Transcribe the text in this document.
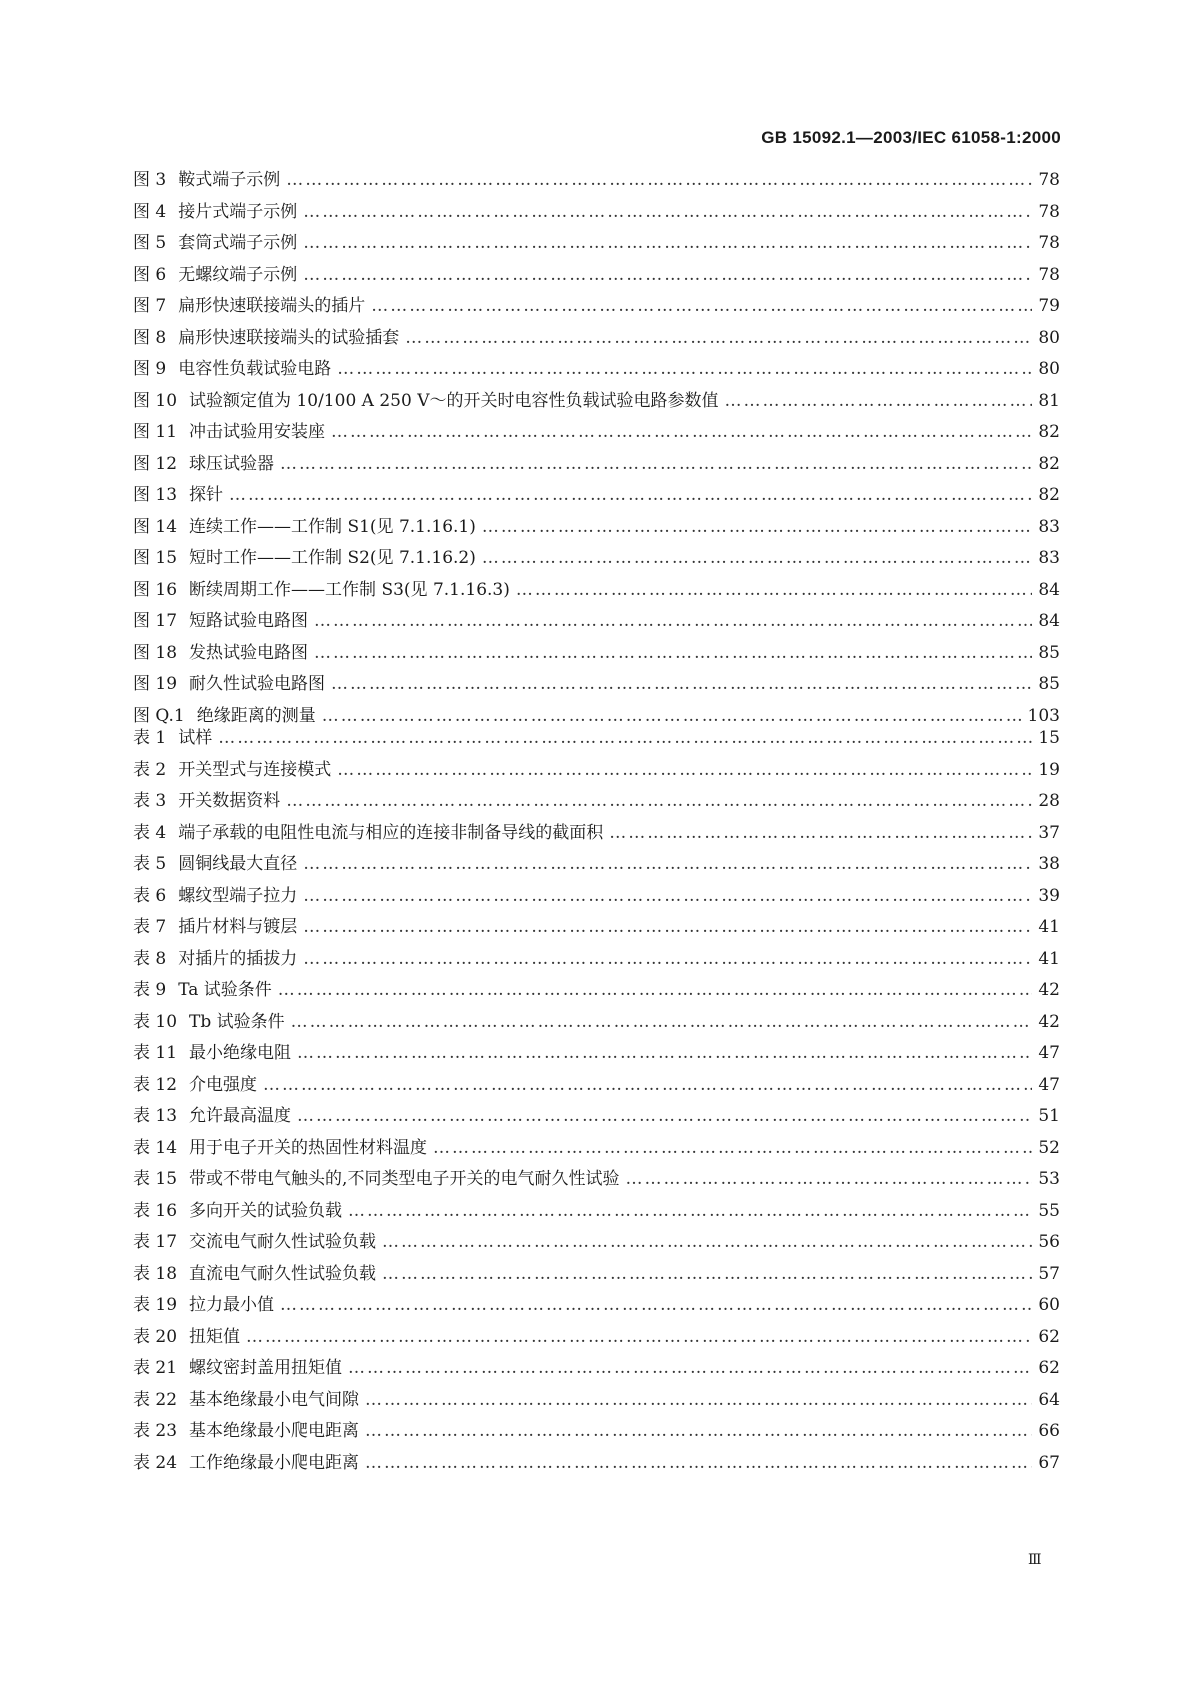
GB 15092.1—2003/IEC 61058-1:2000
图 3 鞍式端子示例 …………………………………………………………………………………………………………………………………………………………………………………………	78
图 4 接片式端子示例 …………………………………………………………………………………………………………………………………………………………………………………………	78
图 5 套筒式端子示例 …………………………………………………………………………………………………………………………………………………………………………………………	78
图 6 无螺纹端子示例 …………………………………………………………………………………………………………………………………………………………………………………………	78
图 7 扁形快速联接端头的插片 …………………………………………………………………………………………………………………………………………………………………………………………	79
图 8 扁形快速联接端头的试验插套 …………………………………………………………………………………………………………………………………………………………………………………………	80
图 9 电容性负载试验电路 …………………………………………………………………………………………………………………………………………………………………………………………	80
图 10 试验额定值为 10/100 A 250 V～的开关时电容性负载试验电路参数值 …………………………………………………………………………………………………………………………………………………………………………………………	81
图 11 冲击试验用安装座 …………………………………………………………………………………………………………………………………………………………………………………………	82
图 12 球压试验器 …………………………………………………………………………………………………………………………………………………………………………………………	82
图 13 探针 …………………………………………………………………………………………………………………………………………………………………………………………	82
图 14 连续工作——工作制 S1(见 7.1.16.1) …………………………………………………………………………………………………………………………………………………………………………………………	83
图 15 短时工作——工作制 S2(见 7.1.16.2) …………………………………………………………………………………………………………………………………………………………………………………………	83
图 16 断续周期工作——工作制 S3(见 7.1.16.3) …………………………………………………………………………………………………………………………………………………………………………………………	84
图 17 短路试验电路图 …………………………………………………………………………………………………………………………………………………………………………………………	84
图 18 发热试验电路图 …………………………………………………………………………………………………………………………………………………………………………………………	85
图 19 耐久性试验电路图 …………………………………………………………………………………………………………………………………………………………………………………………	85
图 Q.1 绝缘距离的测量 …………………………………………………………………………………………………………………………………………………………………………………………	103
表 1 试样 …………………………………………………………………………………………………………………………………………………………………………………………	15
表 2 开关型式与连接模式 …………………………………………………………………………………………………………………………………………………………………………………………	19
表 3 开关数据资料 …………………………………………………………………………………………………………………………………………………………………………………………	28
表 4 端子承载的电阻性电流与相应的连接非制备导线的截面积 …………………………………………………………………………………………………………………………………………………………………………………………	37
表 5 圆铜线最大直径 …………………………………………………………………………………………………………………………………………………………………………………………	38
表 6 螺纹型端子拉力 …………………………………………………………………………………………………………………………………………………………………………………………	39
表 7 插片材料与镀层 …………………………………………………………………………………………………………………………………………………………………………………………	41
表 8 对插片的插拔力 …………………………………………………………………………………………………………………………………………………………………………………………	41
表 9 Ta 试验条件 …………………………………………………………………………………………………………………………………………………………………………………………	42
表 10 Tb 试验条件 …………………………………………………………………………………………………………………………………………………………………………………………	42
表 11 最小绝缘电阻 …………………………………………………………………………………………………………………………………………………………………………………………	47
表 12 介电强度 …………………………………………………………………………………………………………………………………………………………………………………………	47
表 13 允许最高温度 …………………………………………………………………………………………………………………………………………………………………………………………	51
表 14 用于电子开关的热固性材料温度 …………………………………………………………………………………………………………………………………………………………………………………………	52
表 15 带或不带电气触头的,不同类型电子开关的电气耐久性试验 …………………………………………………………………………………………………………………………………………………………………………………………	53
表 16 多向开关的试验负载 …………………………………………………………………………………………………………………………………………………………………………………………	55
表 17 交流电气耐久性试验负载 …………………………………………………………………………………………………………………………………………………………………………………………	56
表 18 直流电气耐久性试验负载 …………………………………………………………………………………………………………………………………………………………………………………………	57
表 19 拉力最小值 …………………………………………………………………………………………………………………………………………………………………………………………	60
表 20 扭矩值 …………………………………………………………………………………………………………………………………………………………………………………………	62
表 21 螺纹密封盖用扭矩值 …………………………………………………………………………………………………………………………………………………………………………………………	62
表 22 基本绝缘最小电气间隙 …………………………………………………………………………………………………………………………………………………………………………………………	64
表 23 基本绝缘最小爬电距离 …………………………………………………………………………………………………………………………………………………………………………………………	66
表 24 工作绝缘最小爬电距离 …………………………………………………………………………………………………………………………………………………………………………………………	67
Ⅲ
